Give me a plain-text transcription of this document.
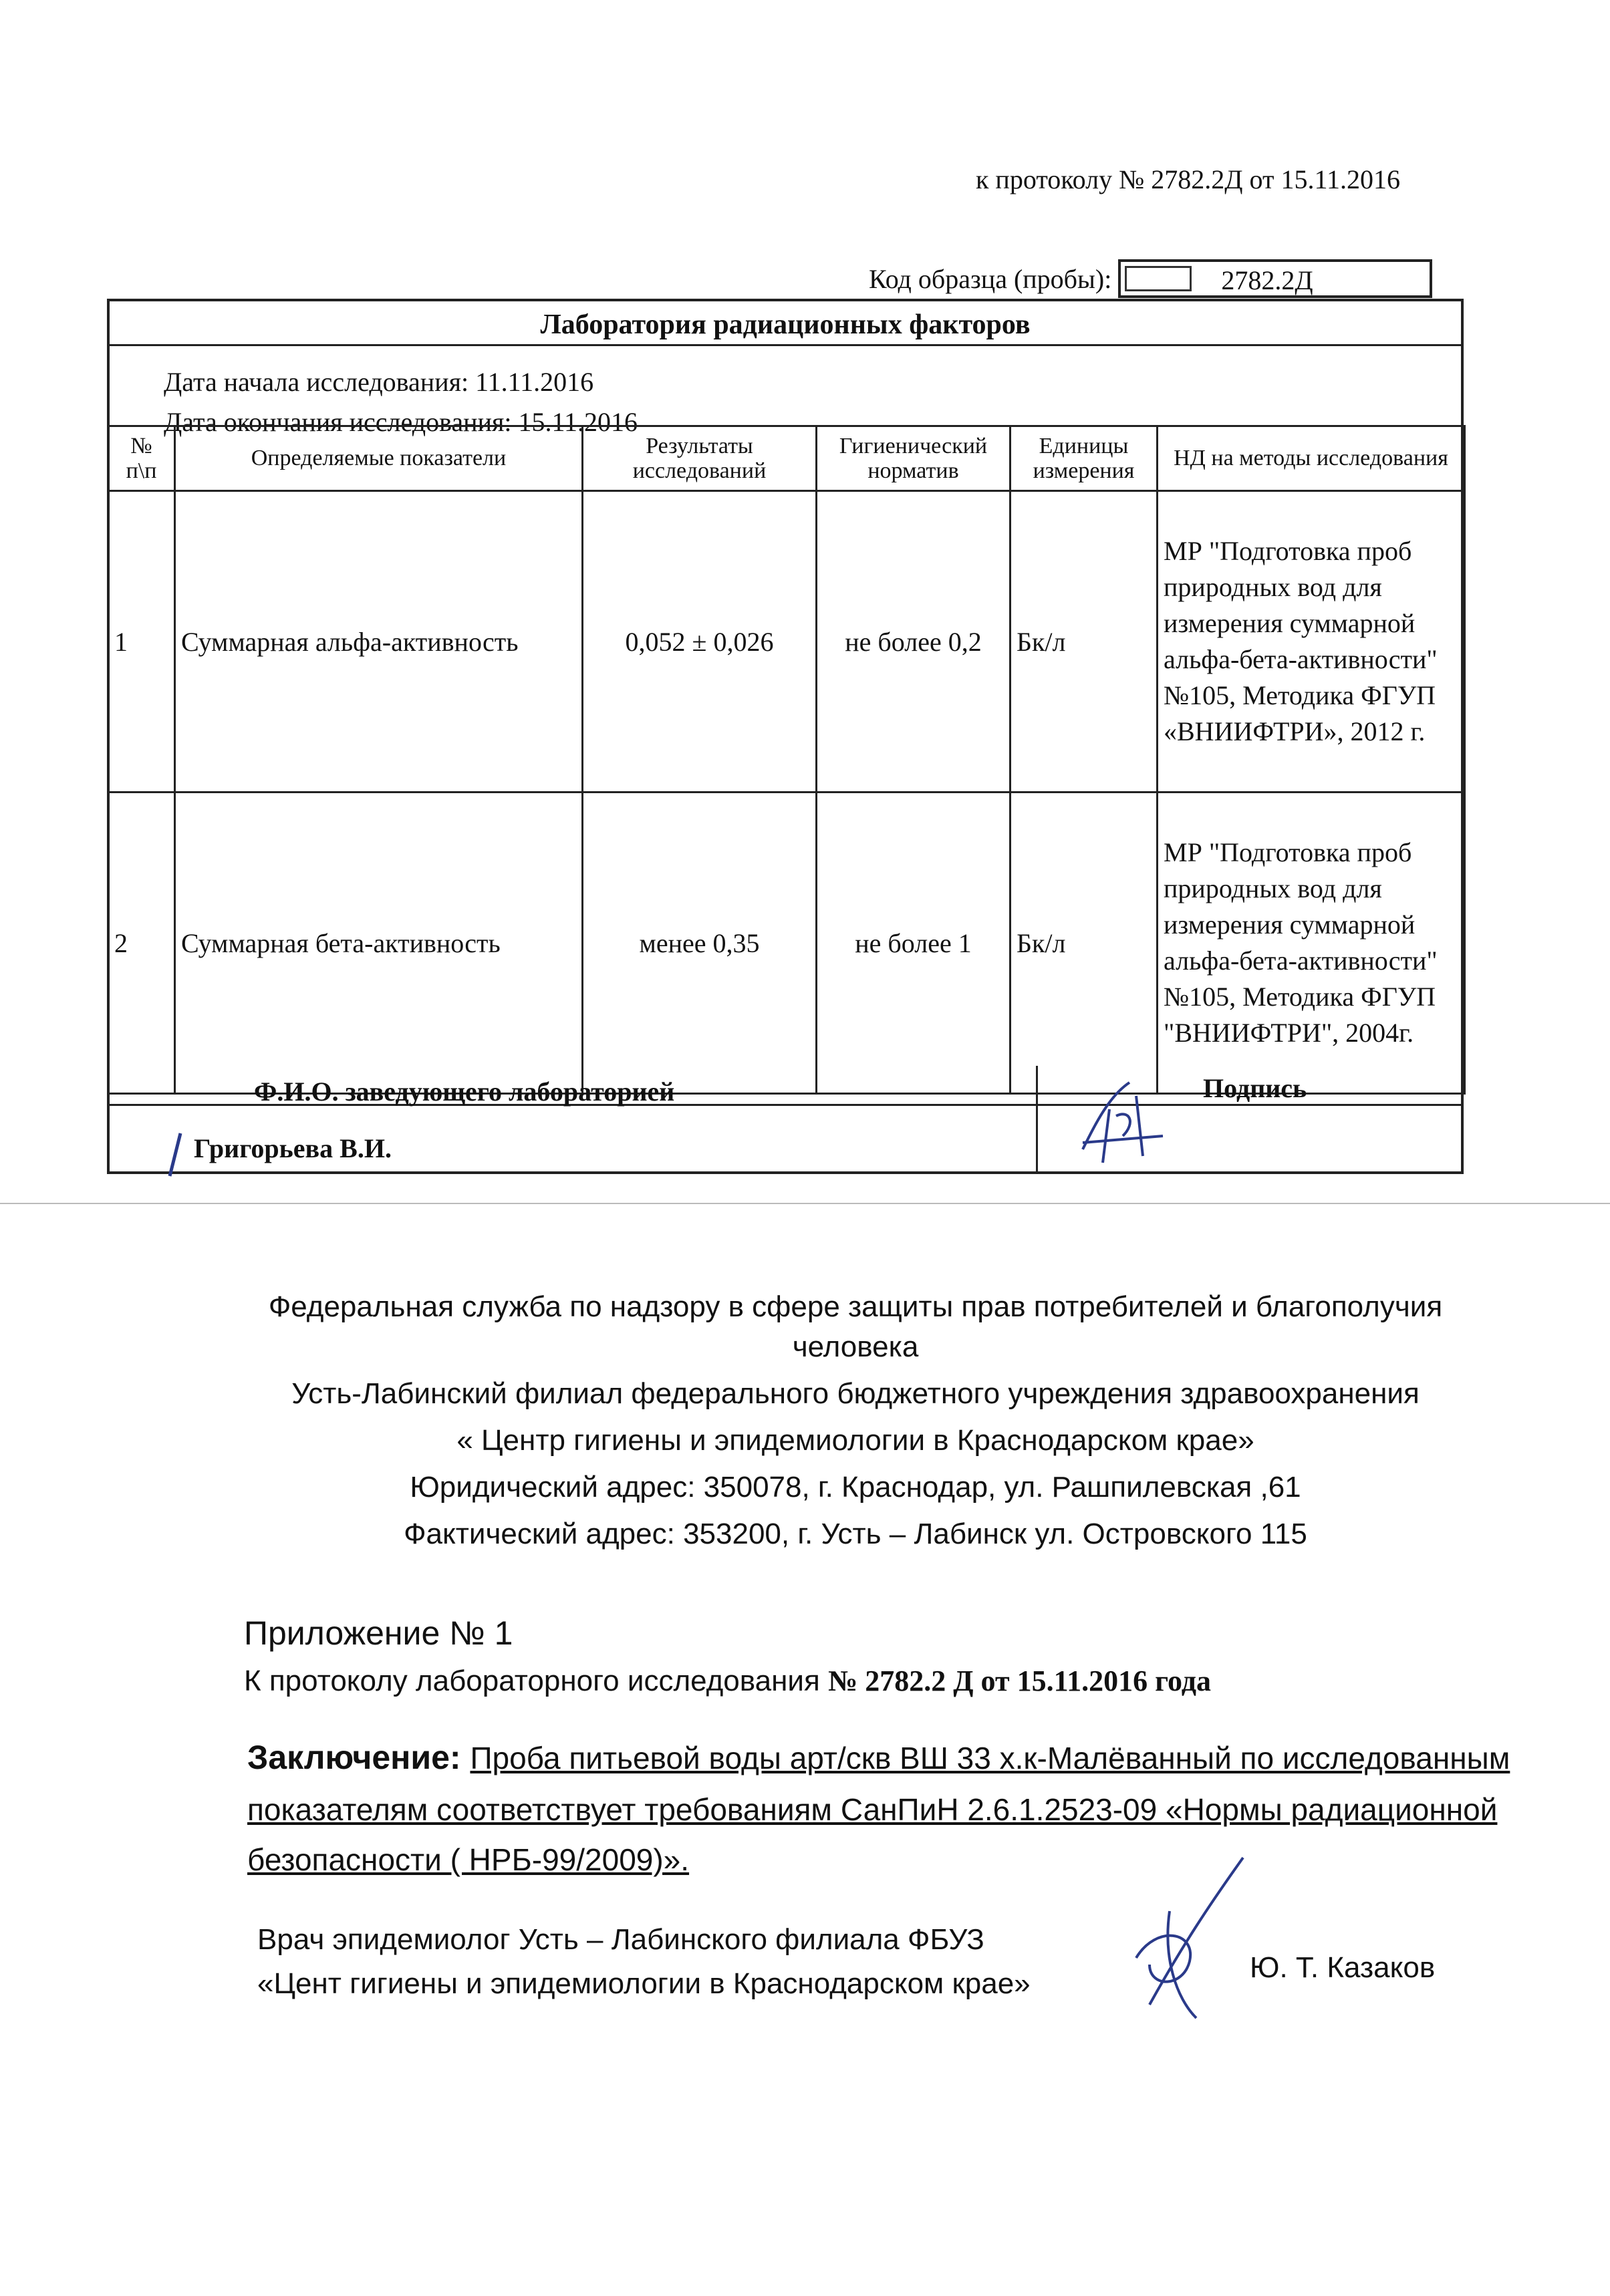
к протоколу № 2782.2Д от 15.11.2016
Код образца (пробы):	2782.2Д
Лаборатория радиационных факторов
Дата начала исследования: 11.11.2016
Дата окончания исследования: 15.11.2016
№ п\п	Определяемые показатели	Результаты исследований	Гигиенический норматив	Единицы измерения	НД на методы исследования
1	Суммарная альфа-активность	0,052 ± 0,026	не более 0,2	Бк/л	МР "Подготовка проб природных вод для измерения суммарной альфа-бета-активности" №105, Методика ФГУП «ВНИИФТРИ», 2012 г.
2	Суммарная бета-активность	менее 0,35	не более 1	Бк/л	МР "Подготовка проб природных вод для измерения суммарной альфа-бета-активности" №105, Методика ФГУП "ВНИИФТРИ", 2004г.
Ф.И.О. заведующего лабораторией	Подпись
Григорьева В.И.
Федеральная служба по надзору в сфере защиты прав потребителей и благополучия
человека
Усть-Лабинский филиал федерального бюджетного учреждения здравоохранения
« Центр гигиены и эпидемиологии в Краснодарском крае»
Юридический адрес: 350078, г. Краснодар, ул. Рашпилевская ,61
Фактический адрес: 353200, г. Усть – Лабинск ул. Островского 115
Приложение № 1
К протоколу лабораторного исследования № 2782.2 Д от 15.11.2016 года
Заключение: Проба питьевой воды арт/скв ВШ 33 х.к-Малёванный по исследованным показателям соответствует требованиям СанПиН 2.6.1.2523-09 «Нормы радиационной безопасности ( НРБ-99/2009)».
Врач эпидемиолог Усть – Лабинского филиала ФБУЗ
«Цент гигиены и эпидемиологии в Краснодарском крае»	Ю. Т. Казаков
